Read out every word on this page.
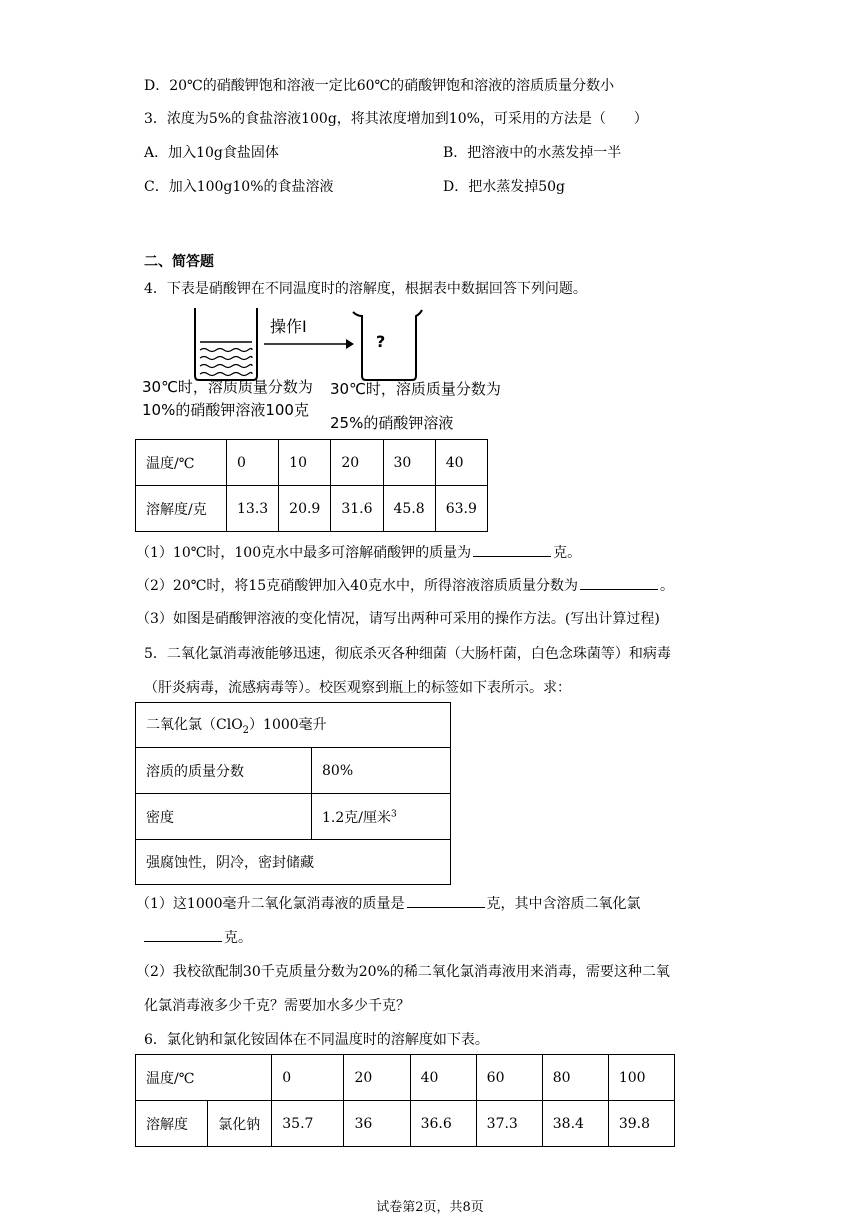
D．20℃的硝酸钾饱和溶液一定比60℃的硝酸钾饱和溶液的溶质质量分数小
3．浓度为5%的食盐溶液100g，将其浓度增加到10%，可采用的方法是（　　）
A．加入10g食盐固体	B．把溶液中的水蒸发掉一半
C．加入100g10%的食盐溶液	D．把水蒸发掉50g
二、简答题
4．下表是硝酸钾在不同温度时的溶解度，根据表中数据回答下列问题。
操作Ⅰ
?
30℃时，溶质质量分数为
10%的硝酸钾溶液100克
30℃时，溶质质量分数为
25%的硝酸钾溶液
温度/℃	0	10	20	30	40
溶解度/克	13.3	20.9	31.6	45.8	63.9
（1）10℃时，100克水中最多可溶解硝酸钾的质量为	克。
（2）20℃时，将15克硝酸钾加入40克水中，所得溶液溶质质量分数为	。
（3）如图是硝酸钾溶液的变化情况，请写出两种可采用的操作方法。(写出计算过程)
5．二氧化氯消毒液能够迅速，彻底杀灭各种细菌（大肠杆菌，白色念珠菌等）和病毒
（肝炎病毒，流感病毒等）。校医观察到瓶上的标签如下表所示。求：
二氧化氯（ClO$_2$）1000毫升	
溶质的质量分数	80%
密度	1.2克/厘米$^3$
强腐蚀性，阴冷，密封储藏	
（1）这1000毫升二氧化氯消毒液的质量是	克，其中含溶质二氧化氯
克。
（2）我校欲配制30千克质量分数为20%的稀二氧化氯消毒液用来消毒，需要这种二氧
化氯消毒液多少千克？需要加水多少千克？
6．氯化钠和氯化铵固体在不同温度时的溶解度如下表。
温度/℃		0	20	40	60	80	100
溶解度	氯化钠	35.7	36	36.6	37.3	38.4	39.8
试卷第2页，共8页
